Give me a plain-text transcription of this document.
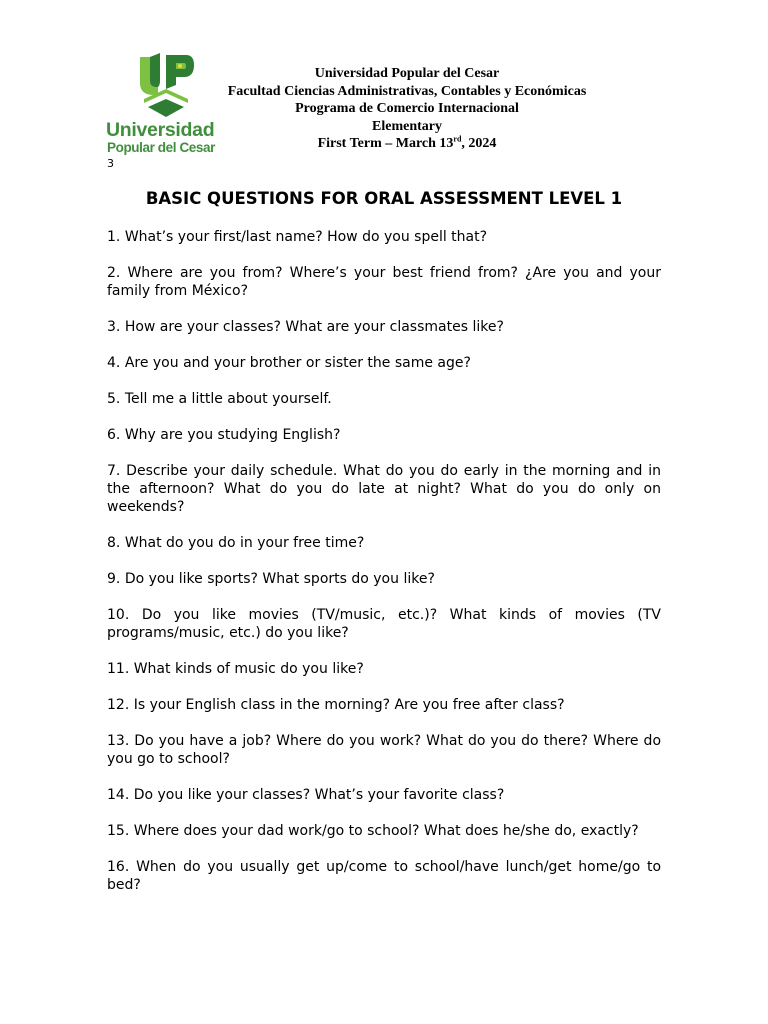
Universidad
Popular del Cesar
3
Universidad Popular del Cesar
Facultad Ciencias Administrativas, Contables y Económicas
Programa de Comercio Internacional
Elementary
First Term – March 13rd, 2024
BASIC QUESTIONS FOR ORAL ASSESSMENT LEVEL 1
1. What’s your first/last name? How do you spell that?
2. Where are you from? Where’s your best friend from? ¿Are you and your family from México?
3. How are your classes? What are your classmates like?
4. Are you and your brother or sister the same age?
5. Tell me a little about yourself.
6. Why are you studying English?
7. Describe your daily schedule. What do you do early in the morning and in the afternoon? What do you do late at night? What do you do only on weekends?
8. What do you do in your free time?
9. Do you like sports? What sports do you like?
10. Do you like movies (TV/music, etc.)? What kinds of movies (TV programs/music, etc.) do you like?
11. What kinds of music do you like?
12. Is your English class in the morning? Are you free after class?
13. Do you have a job? Where do you work? What do you do there? Where do you go to school?
14. Do you like your classes? What’s your favorite class?
15. Where does your dad work/go to school? What does he/she do, exactly?
16. When do you usually get up/come to school/have lunch/get home/go to bed?
